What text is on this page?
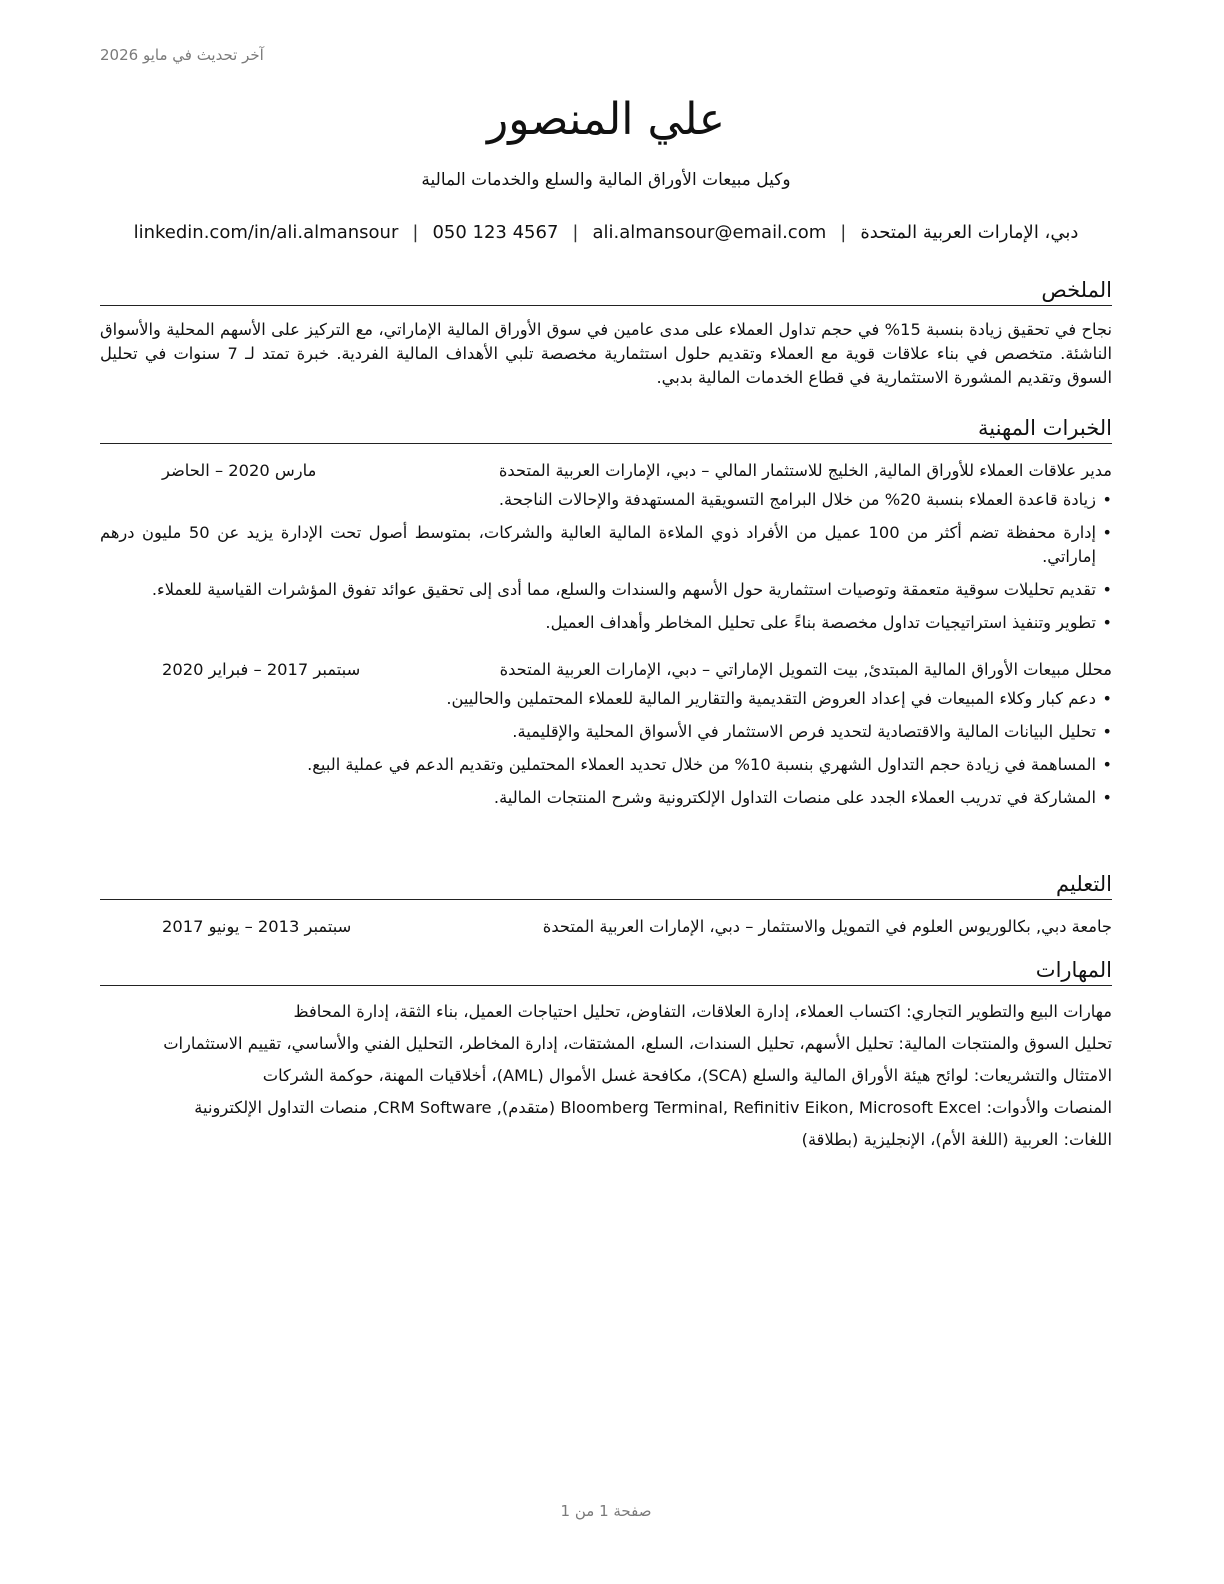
آخر تحديث في مايو 2026
علي المنصور
وكيل مبيعات الأوراق المالية والسلع والخدمات المالية
دبي، الإمارات العربية المتحدة|ali.almansour@email.com|050 123 4567|linkedin.com/in/ali.almansour
الملخص
نجاح في تحقيق زيادة بنسبة 15% في حجم تداول العملاء على مدى عامين في سوق الأوراق المالية الإماراتي، مع التركيز على الأسهم المحلية والأسواق الناشئة. متخصص في بناء علاقات قوية مع العملاء وتقديم حلول استثمارية مخصصة تلبي الأهداف المالية الفردية. خبرة تمتد لـ 7 سنوات في تحليل السوق وتقديم المشورة الاستثمارية في قطاع الخدمات المالية بدبي.
الخبرات المهنية
مدير علاقات العملاء للأوراق المالية, الخليج للاستثمار المالي – دبي، الإمارات العربية المتحدة
مارس 2020 – الحاضر
• زيادة قاعدة العملاء بنسبة 20% من خلال البرامج التسويقية المستهدفة والإحالات الناجحة.
• إدارة محفظة تضم أكثر من 100 عميل من الأفراد ذوي الملاءة المالية العالية والشركات، بمتوسط أصول تحت الإدارة يزيد عن 50 مليون درهم إماراتي.
• تقديم تحليلات سوقية متعمقة وتوصيات استثمارية حول الأسهم والسندات والسلع، مما أدى إلى تحقيق عوائد تفوق المؤشرات القياسية للعملاء.
• تطوير وتنفيذ استراتيجيات تداول مخصصة بناءً على تحليل المخاطر وأهداف العميل.
محلل مبيعات الأوراق المالية المبتدئ, بيت التمويل الإماراتي – دبي، الإمارات العربية المتحدة
سبتمبر 2017 – فبراير 2020
• دعم كبار وكلاء المبيعات في إعداد العروض التقديمية والتقارير المالية للعملاء المحتملين والحاليين.
• تحليل البيانات المالية والاقتصادية لتحديد فرص الاستثمار في الأسواق المحلية والإقليمية.
• المساهمة في زيادة حجم التداول الشهري بنسبة 10% من خلال تحديد العملاء المحتملين وتقديم الدعم في عملية البيع.
• المشاركة في تدريب العملاء الجدد على منصات التداول الإلكترونية وشرح المنتجات المالية.
التعليم
جامعة دبي, بكالوريوس العلوم في التمويل والاستثمار – دبي، الإمارات العربية المتحدة
سبتمبر 2013 – يونيو 2017
المهارات
مهارات البيع والتطوير التجاري: اكتساب العملاء، إدارة العلاقات، التفاوض، تحليل احتياجات العميل، بناء الثقة، إدارة المحافظ
تحليل السوق والمنتجات المالية: تحليل الأسهم، تحليل السندات، السلع، المشتقات، إدارة المخاطر، التحليل الفني والأساسي، تقييم الاستثمارات
الامتثال والتشريعات: لوائح هيئة الأوراق المالية والسلع (SCA)، مكافحة غسل الأموال (AML)، أخلاقيات المهنة، حوكمة الشركات
المنصات والأدوات: Bloomberg Terminal, Refinitiv Eikon, Microsoft Excel (متقدم), CRM Software, منصات التداول الإلكترونية
اللغات: العربية (اللغة الأم)، الإنجليزية (بطلاقة)
صفحة 1 من 1
